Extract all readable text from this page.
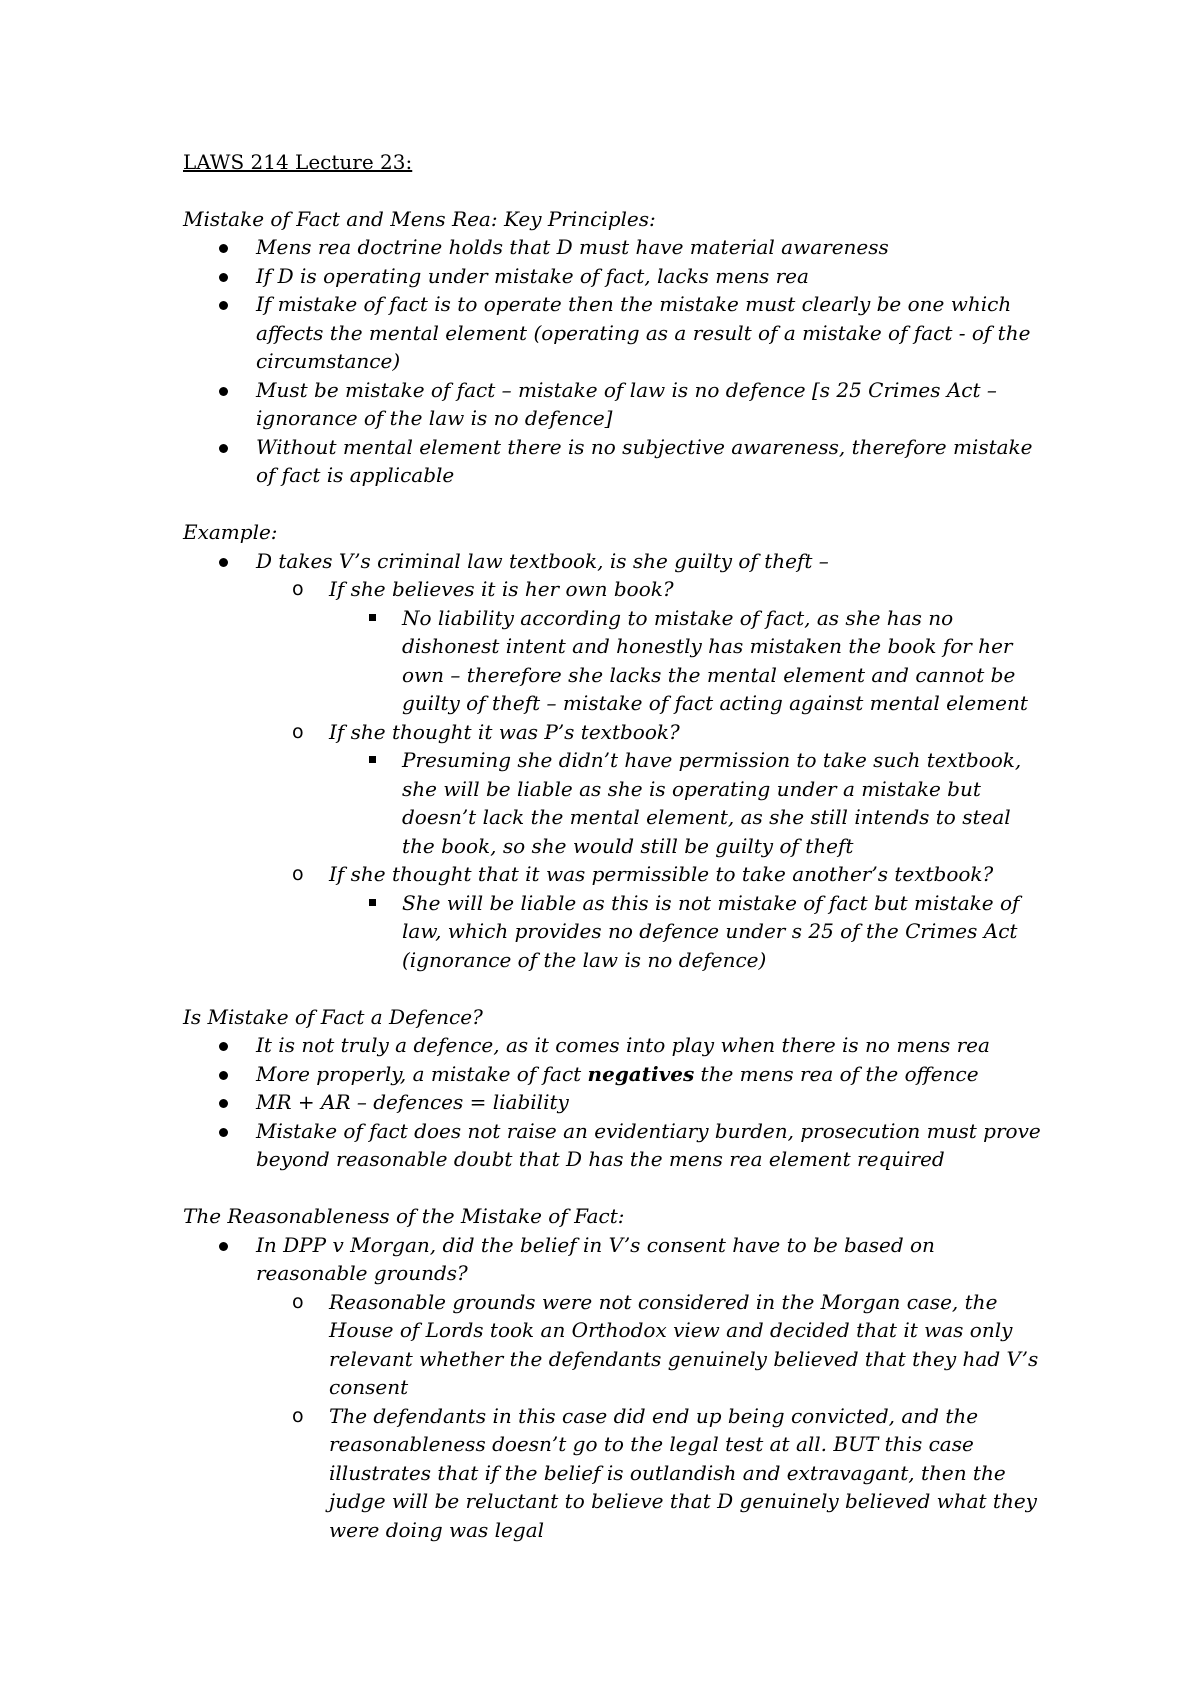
LAWS 214 Lecture 23:

Mistake of Fact and Mens Rea: Key Principles:

Mens rea doctrine holds that D must have material awareness
If D is operating under mistake of fact, lacks mens rea
If mistake of fact is to operate then the mistake must clearly be one which affects the mental element (operating as a result of a mistake of fact - of the circumstance)
Must be mistake of fact – mistake of law is no defence [s 25 Crimes Act – ignorance of the law is no defence]
Without mental element there is no subjective awareness, therefore mistake of fact is applicable

Example:

D takes V’s criminal law textbook, is she guilty of theft –
o If she believes it is her own book?
No liability according to mistake of fact, as she has no dishonest intent and honestly has mistaken the book for her own – therefore she lacks the mental element and cannot be guilty of theft – mistake of fact acting against mental element
o If she thought it was P’s textbook?
Presuming she didn’t have permission to take such textbook, she will be liable as she is operating under a mistake but doesn’t lack the mental element, as she still intends to steal the book, so she would still be guilty of theft
o If she thought that it was permissible to take another’s textbook?
She will be liable as this is not mistake of fact but mistake of law, which provides no defence under s 25 of the Crimes Act (ignorance of the law is no defence)

Is Mistake of Fact a Defence?

It is not truly a defence, as it comes into play when there is no mens rea
More properly, a mistake of fact negatives the mens rea of the offence
MR + AR – defences = liability
Mistake of fact does not raise an evidentiary burden, prosecution must prove beyond reasonable doubt that D has the mens rea element required

The Reasonableness of the Mistake of Fact:

In DPP v Morgan, did the belief in V’s consent have to be based on reasonable grounds?
o Reasonable grounds were not considered in the Morgan case, the House of Lords took an Orthodox view and decided that it was only relevant whether the defendants genuinely believed that they had V’s consent
o The defendants in this case did end up being convicted, and the reasonableness doesn’t go to the legal test at all. BUT this case illustrates that if the belief is outlandish and extravagant, then the judge will be reluctant to believe that D genuinely believed what they were doing was legal
